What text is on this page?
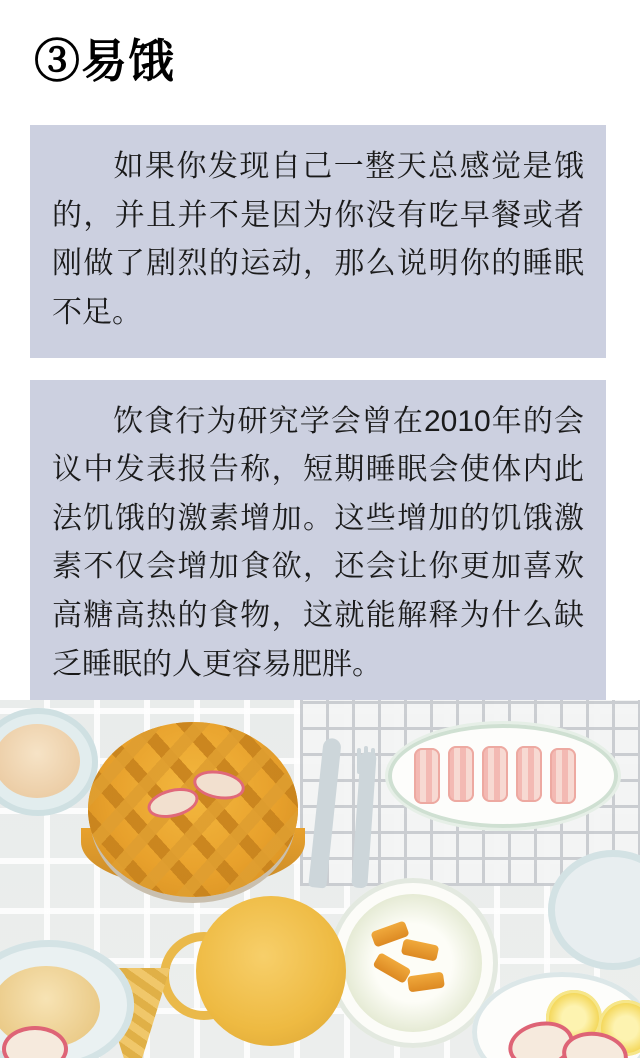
③易饿
如果你发现自己一整天总感觉是饿的，并且并不是因为你没有吃早餐或者刚做了剧烈的运动，那么说明你的睡眠不足。
饮食行为研究学会曾在2010年的会议中发表报告称，短期睡眠会使体内此法饥饿的激素增加。这些增加的饥饿激素不仅会增加食欲，还会让你更加喜欢高糖高热的食物，这就能解释为什么缺乏睡眠的人更容易肥胖。
